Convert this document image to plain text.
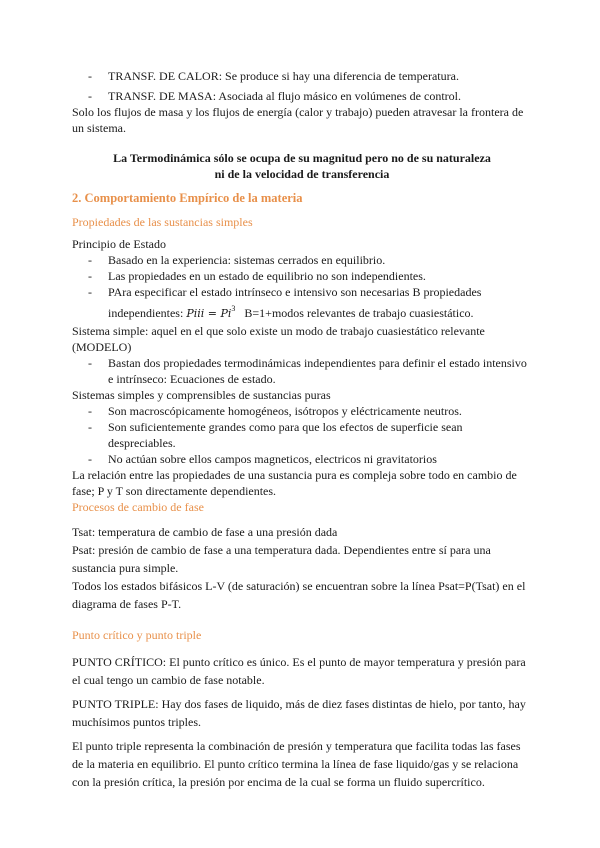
- TRANSF. DE CALOR: Se produce si hay una diferencia de temperatura.
- TRANSF. DE MASA: Asociada al flujo másico en volúmenes de control.

Solo los flujos de masa y los flujos de energía (calor y trabajo) pueden atravesar la frontera de un sistema.

La Termodinámica sólo se ocupa de su magnitud pero no de su naturaleza
ni de la velocidad de transferencia
2. Comportamiento Empírico de la materia
Propiedades de las sustancias simples

Principio de Estado

- Basado en la experiencia: sistemas cerrados en equilibrio.
- Las propiedades en un estado de equilibrio no son independientes.
- PAra especificar el estado intrínseco e intensivo son necesarias B propiedades
independientes: Piii = $Pi^3$ B=1+modos relevantes de trabajo cuasiestático.

Sistema simple: aquel en el que solo existe un modo de trabajo cuasiestático relevante (MODELO)

- Bastan dos propiedades termodinámicas independientes para definir el estado intensivo e intrínseco: Ecuaciones de estado.

Sistemas simples y comprensibles de sustancias puras

- Son macroscópicamente homogéneos, isótropos y eléctricamente neutros.
- Son suficientemente grandes como para que los efectos de superficie sean despreciables.
- No actúan sobre ellos campos magneticos, electricos ni gravitatorios

La relación entre las propiedades de una sustancia pura es compleja sobre todo en cambio de fase; P y T son directamente dependientes.

Procesos de cambio de fase

Tsat: temperatura de cambio de fase a una presión dada

Psat: presión de cambio de fase a una temperatura dada. Dependientes entre sí para una sustancia pura simple.

Todos los estados bifásicos L-V (de saturación) se encuentran sobre la línea Psat=P(Tsat) en el diagrama de fases P-T.

Punto crítico y punto triple

PUNTO CRÍTICO: El punto crítico es único. Es el punto de mayor temperatura y presión para el cual tengo un cambio de fase notable.

PUNTO TRIPLE: Hay dos fases de liquido, más de diez fases distintas de hielo, por tanto, hay muchísimos puntos triples.

El punto triple representa la combinación de presión y temperatura que facilita todas las fases de la materia en equilibrio. El punto crítico termina la línea de fase liquido/gas y se relaciona con la presión crítica, la presión por encima de la cual se forma un fluido supercrítico.
